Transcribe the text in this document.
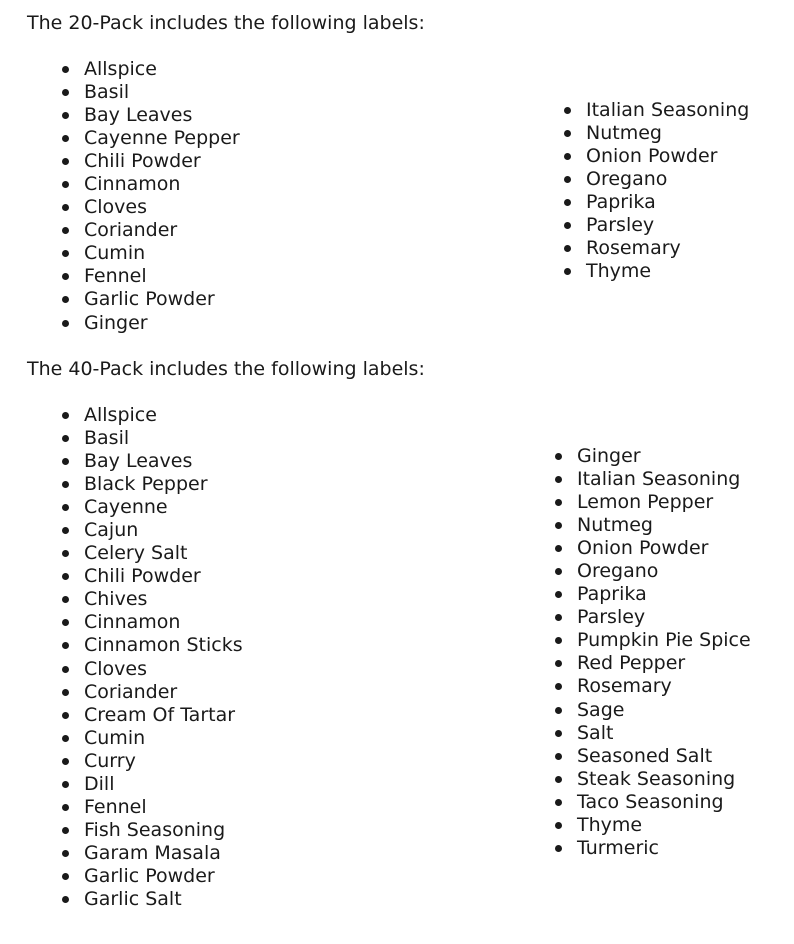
The 20-Pack includes the following labels:
Allspice
Basil
Bay Leaves
Cayenne Pepper
Chili Powder
Cinnamon
Cloves
Coriander
Cumin
Fennel
Garlic Powder
Ginger
Italian Seasoning
Nutmeg
Onion Powder
Oregano
Paprika
Parsley
Rosemary
Thyme
The 40-Pack includes the following labels:
Allspice
Basil
Bay Leaves
Black Pepper
Cayenne
Cajun
Celery Salt
Chili Powder
Chives
Cinnamon
Cinnamon Sticks
Cloves
Coriander
Cream Of Tartar
Cumin
Curry
Dill
Fennel
Fish Seasoning
Garam Masala
Garlic Powder
Garlic Salt
Ginger
Italian Seasoning
Lemon Pepper
Nutmeg
Onion Powder
Oregano
Paprika
Parsley
Pumpkin Pie Spice
Red Pepper
Rosemary
Sage
Salt
Seasoned Salt
Steak Seasoning
Taco Seasoning
Thyme
Turmeric
